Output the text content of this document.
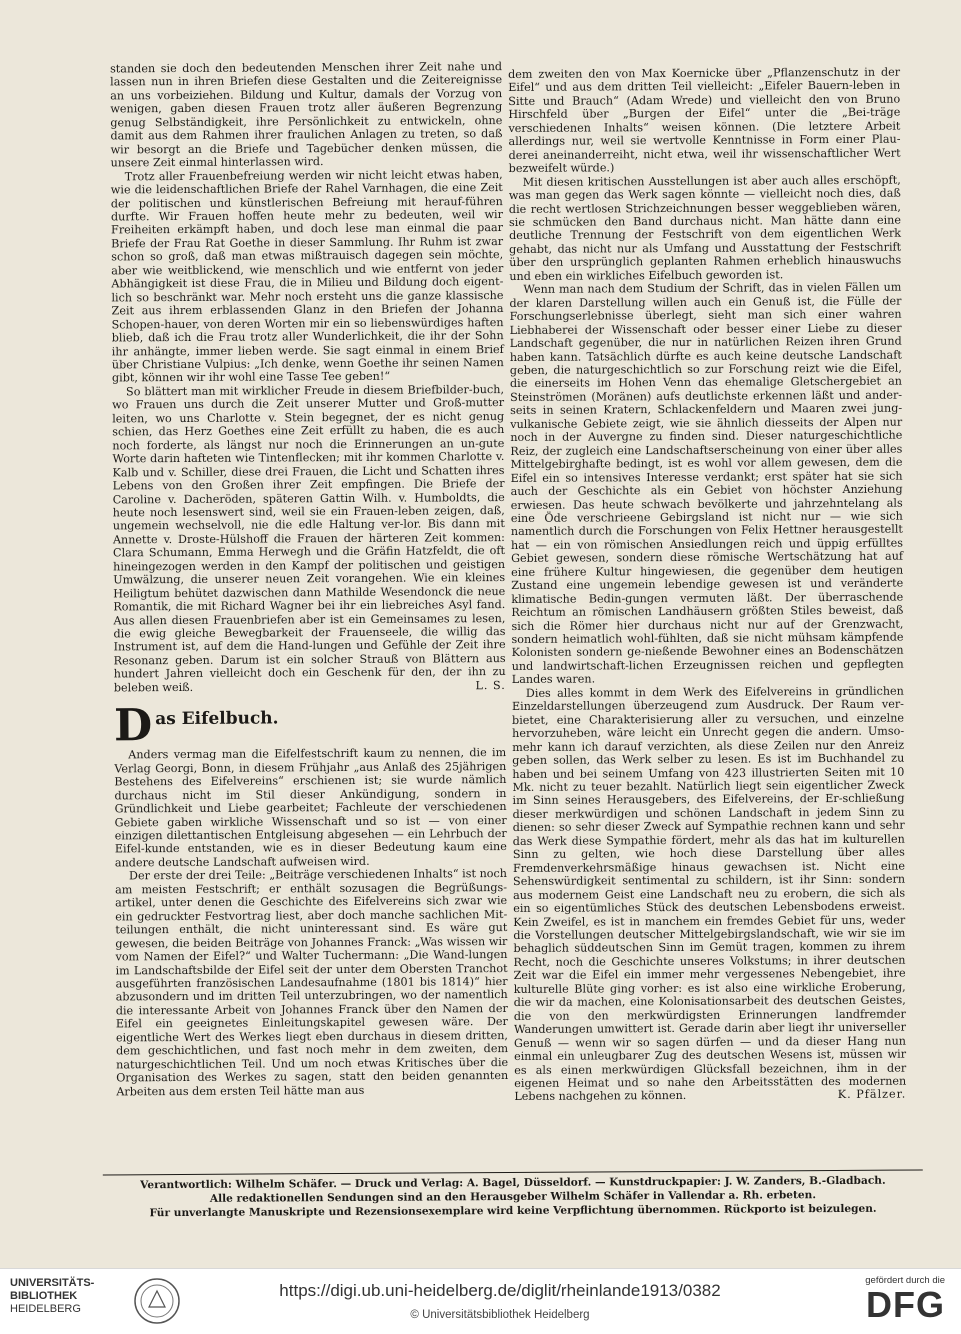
standen sie doch den bedeutenden Menschen ihrer Zeit nahe und lassen nun in ihren Briefen diese Gestalten und die Zeitereignisse an uns vorbeiziehen. Bildung und Kultur, damals der Vorzug von wenigen, gaben diesen Frauen trotz aller äußeren Begrenzung genug Selbständigkeit, ihre Persönlichkeit zu entwickeln, ohne damit aus dem Rahmen ihrer fraulichen Anlagen zu treten, so daß wir besorgt an die Briefe und Tagebücher denken müssen, die unsere Zeit einmal hinterlassen wird.

Trotz aller Frauenbefreiung werden wir nicht leicht etwas haben, wie die leidenschaftlichen Briefe der Rahel Varnhagen, die eine Zeit der politischen und künstlerischen Befreiung mit herauf-führen durfte. Wir Frauen hoffen heute mehr zu bedeuten, weil wir Freiheiten erkämpft haben, und doch lese man einmal die paar Briefe der Frau Rat Goethe in dieser Sammlung. Ihr Ruhm ist zwar schon so groß, daß man etwas mißtrauisch dagegen sein möchte, aber wie weitblickend, wie menschlich und wie entfernt von jeder Abhängigkeit ist diese Frau, die in Milieu und Bildung doch eigent-lich so beschränkt war. Mehr noch ersteht uns die ganze klassische Zeit aus ihrem erblassenden Glanz in den Briefen der Johanna Schopen-hauer, von deren Worten mir ein so liebenswürdiges haften blieb, daß ich die Frau trotz aller Wunderlichkeit, die ihr der Sohn ihr anhängte, immer lieben werde. Sie sagt einmal in einem Brief über Christiane Vulpius: „Ich denke, wenn Goethe ihr seinen Namen gibt, können wir ihr wohl eine Tasse Tee geben!“

So blättert man mit wirklicher Freude in diesem Briefbilder-buch, wo Frauen uns durch die Zeit unserer Mutter und Groß-mutter leiten, wo uns Charlotte v. Stein begegnet, der es nicht genug schien, das Herz Goethes eine Zeit erfüllt zu haben, die es auch noch forderte, als längst nur noch die Erinnerungen an un-gute Worte darin hafteten wie Tintenflecken; mit ihr kommen Charlotte v. Kalb und v. Schiller, diese drei Frauen, die Licht und Schatten ihres Lebens von den Großen ihrer Zeit empfingen. Die Briefe der Caroline v. Dacheröden, späteren Gattin Wilh. v. Humboldts, die heute noch lesenswert sind, weil sie ein Frauen-leben zeigen, daß, ungemein wechselvoll, nie die edle Haltung ver-lor. Bis dann mit Annette v. Droste-Hülshoff die Frauen der härteren Zeit kommen: Clara Schumann, Emma Herwegh und die Gräfin Hatzfeldt, die oft hineingezogen werden in den Kampf der politischen und geistigen Umwälzung, die unserer neuen Zeit vorangehen. Wie ein kleines Heiligtum behütet dazwischen dann Mathilde Wesendonck die neue Romantik, die mit Richard Wagner bei ihr ein liebreiches Asyl fand. Aus allen diesen Frauenbriefen aber ist ein Gemeinsames zu lesen, die ewig gleiche Bewegbarkeit der Frauenseele, die willig das Instrument ist, auf dem die Hand-lungen und Gefühle der Zeit ihre Resonanz geben. Darum ist ein solcher Strauß von Blättern aus hundert Jahren vielleicht doch ein Geschenk für den, der ihn zu beleben weiß.	L. S.

D as Eifelbuch.

Anders vermag man die Eifelfestschrift kaum zu nennen, die im Verlag Georgi, Bonn, in diesem Frühjahr „aus Anlaß des 25jährigen Bestehens des Eifelvereins“ erschienen ist; sie wurde nämlich durchaus nicht im Stil dieser Ankündigung, sondern in Gründlichkeit und Liebe gearbeitet; Fachleute der verschiedenen Gebiete gaben wirkliche Wissenschaft und so ist — von einer einzigen dilettantischen Entgleisung abgesehen — ein Lehrbuch der Eifel-kunde entstanden, wie es in dieser Bedeutung kaum eine andere deutsche Landschaft aufweisen wird.

Der erste der drei Teile: „Beiträge verschiedenen Inhalts“ ist noch am meisten Festschrift; er enthält sozusagen die Begrüßungs-artikel, unter denen die Geschichte des Eifelvereins sich zwar wie ein gedruckter Festvortrag liest, aber doch manche sachlichen Mit-teilungen enthält, die nicht uninteressant sind. Es wäre gut gewesen, die beiden Beiträge von Johannes Franck: „Was wissen wir vom Namen der Eifel?“ und Walter Tuchermann: „Die Wand-lungen im Landschaftsbilde der Eifel seit der unter dem Obersten Tranchot ausgeführten französischen Landesaufnahme (1801 bis 1814)“ hier abzusondern und im dritten Teil unterzubringen, wo der namentlich die interessante Arbeit von Johannes Franck über den Namen der Eifel ein geeignetes Einleitungskapitel gewesen wäre. Der eigentliche Wert des Werkes liegt eben durchaus in diesem dritten, dem geschichtlichen, und fast noch mehr in dem zweiten, dem naturgeschichtlichen Teil. Und um noch etwas Kritisches über die Organisation des Werkes zu sagen, statt den beiden genannten Arbeiten aus dem ersten Teil hätte man aus

dem zweiten den von Max Koernicke über „Pflanzenschutz in der Eifel“ und aus dem dritten Teil vielleicht: „Eifeler Bauern-leben in Sitte und Brauch“ (Adam Wrede) und vielleicht den von Bruno Hirschfeld über „Burgen der Eifel“ unter die „Bei-träge verschiedenen Inhalts“ weisen können. (Die letztere Arbeit allerdings nur, weil sie wertvolle Kenntnisse in Form einer Plau-derei aneinanderreiht, nicht etwa, weil ihr wissenschaftlicher Wert bezweifelt würde.)

Mit diesen kritischen Ausstellungen ist aber auch alles erschöpft, was man gegen das Werk sagen könnte — vielleicht noch dies, daß die recht wertlosen Strichzeichnungen besser weggeblieben wären, sie schmücken den Band durchaus nicht. Man hätte dann eine deutliche Trennung der Festschrift von dem eigentlichen Werk gehabt, das nicht nur als Umfang und Ausstattung der Festschrift über den ursprünglich geplanten Rahmen erheblich hinauswuchs und eben ein wirkliches Eifelbuch geworden ist.

Wenn man nach dem Studium der Schrift, das in vielen Fällen um der klaren Darstellung willen auch ein Genuß ist, die Fülle der Forschungserlebnisse überlegt, sieht man sich einer wahren Liebhaberei der Wissenschaft oder besser einer Liebe zu dieser Landschaft gegenüber, die nur in natürlichen Reizen ihren Grund haben kann. Tatsächlich dürfte es auch keine deutsche Landschaft geben, die naturgeschichtlich so zur Forschung reizt wie die Eifel, die einerseits im Hohen Venn das ehemalige Gletschergebiet an Steinströmen (Moränen) aufs deutlichste erkennen läßt und ander-seits in seinen Kratern, Schlackenfeldern und Maaren zwei jung-vulkanische Gebiete zeigt, wie sie ähnlich diesseits der Alpen nur noch in der Auvergne zu finden sind. Dieser naturgeschichtliche Reiz, der zugleich eine Landschaftserscheinung von einer über alles Mittelgebirghafte bedingt, ist es wohl vor allem gewesen, dem die Eifel ein so intensives Interesse verdankt; erst später hat sie sich auch der Geschichte als ein Gebiet von höchster Anziehung erwiesen. Das heute schwach bevölkerte und jahrzehntelang als eine Öde verschrieene Gebirgsland ist nicht nur — wie sich namentlich durch die Forschungen von Felix Hettner herausgestellt hat — ein von römischen Ansiedlungen reich und üppig erfülltes Gebiet gewesen, sondern diese römische Wertschätzung hat auf eine frühere Kultur hingewiesen, die gegenüber dem heutigen Zustand eine ungemein lebendige gewesen ist und veränderte klimatische Bedin-gungen vermuten läßt. Der überraschende Reichtum an römischen Landhäusern größten Stiles beweist, daß sich die Römer hier durchaus nicht nur auf der Grenzwacht, sondern heimatlich wohl-fühlten, daß sie nicht mühsam kämpfende Kolonisten sondern ge-nießende Bewohner eines an Bodenschätzen und landwirtschaft-lichen Erzeugnissen reichen und gepflegten Landes waren.

Dies alles kommt in dem Werk des Eifelvereins in gründlichen Einzeldarstellungen überzeugend zum Ausdruck. Der Raum ver-bietet, eine Charakterisierung aller zu versuchen, und einzelne hervorzuheben, wäre leicht ein Unrecht gegen die andern. Umso-mehr kann ich darauf verzichten, als diese Zeilen nur den Anreiz geben sollen, das Werk selber zu lesen. Es ist im Buchhandel zu haben und bei seinem Umfang von 423 illustrierten Seiten mit 10 Mk. nicht zu teuer bezahlt. Natürlich liegt sein eigentlicher Zweck im Sinn seines Herausgebers, des Eifelvereins, der Er-schließung dieser merkwürdigen und schönen Landschaft in jedem Sinn zu dienen: so sehr dieser Zweck auf Sympathie rechnen kann und sehr das Werk diese Sympathie fördert, mehr als das hat im kulturellen Sinn zu gelten, wie hoch diese Darstellung über alles Fremdenverkehrsmäßige hinaus gewachsen ist. Nicht eine Sehenswürdigkeit sentimental zu schildern, ist ihr Sinn: sondern aus modernem Geist eine Landschaft neu zu erobern, die sich als ein so eigentümliches Stück des deutschen Lebensbodens erweist. Kein Zweifel, es ist in manchem ein fremdes Gebiet für uns, weder die Vorstellungen deutscher Mittelgebirgslandschaft, wie wir sie im behaglich süddeutschen Sinn im Gemüt tragen, kommen zu ihrem Recht, noch die Geschichte unseres Volkstums; in ihrer deutschen Zeit war die Eifel ein immer mehr vergessenes Nebengebiet, ihre kulturelle Blüte ging vorher: es ist also eine wirkliche Eroberung, die wir da machen, eine Kolonisationsarbeit des deutschen Geistes, die von den merkwürdigsten Erinnerungen landfremder Wanderungen umwittert ist. Gerade darin aber liegt ihr universeller Genuß — wenn wir so sagen dürfen — und da dieser Hang nun einmal ein unleugbarer Zug des deutschen Wesens ist, müssen wir es als einen merkwürdigen Glücksfall bezeichnen, ihm in der eigenen Heimat und so nahe den Arbeitsstätten des modernen Lebens nachgehen zu können.	K. Pfälzer.

Verantwortlich: Wilhelm Schäfer. — Druck und Verlag: A. Bagel, Düsseldorf. — Kunstdruckpapier: J. W. Zanders, B.-Gladbach.
Alle redaktionellen Sendungen sind an den Herausgeber Wilhelm Schäfer in Vallendar a. Rh. erbeten.
Für unverlangte Manuskripte und Rezensionsexemplare wird keine Verpflichtung übernommen. Rückporto ist beizulegen.
UNIVERSITÄTS-
BIBLIOTHEK
HEIDELBERG
https://digi.ub.uni-heidelberg.de/diglit/rheinlande1913/0382
© Universitätsbibliothek Heidelberg
gefördert durch die
DFG
